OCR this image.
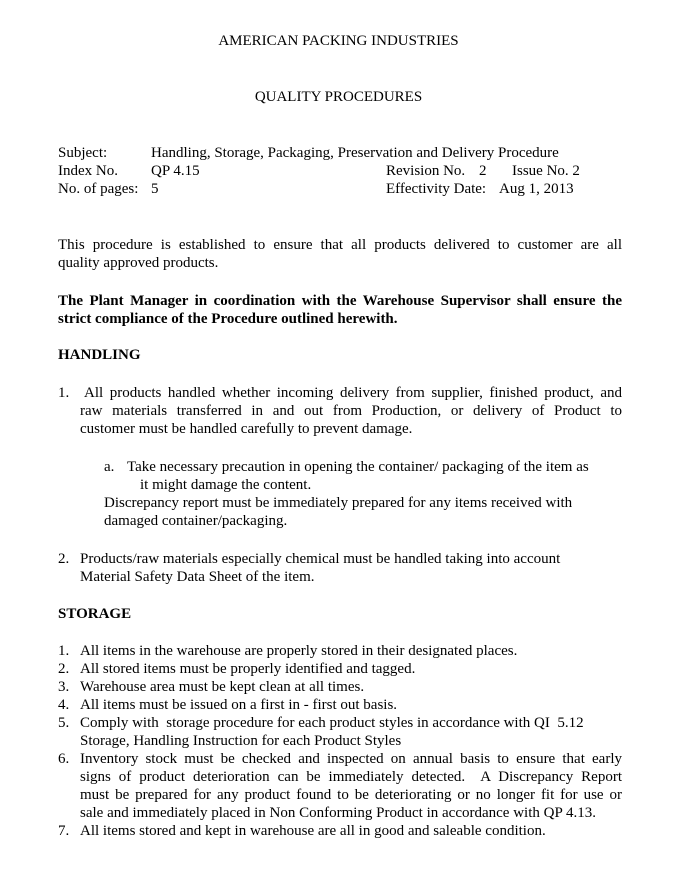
AMERICAN PACKING INDUSTRIES
QUALITY PROCEDURES
Subject:	Handling, Storage, Packaging, Preservation and Delivery Procedure
Index No. QP 4.15	Revision No. 2 Issue No. 2
No. of pages: 5	Effectivity Date: Aug 1, 2013
This procedure is established to ensure that all products delivered to customer are all
quality approved products.
The Plant Manager in coordination with the Warehouse Supervisor shall ensure the
strict compliance of the Procedure outlined herewith.
HANDLING
1. All products handled whether incoming delivery from supplier, finished product, and
raw materials transferred in and out from Production, or delivery of Product to
customer must be handled carefully to prevent damage.
a. Take necessary precaution in opening the container/ packaging of the item as
it might damage the content.
Discrepancy report must be immediately prepared for any items received with
damaged container/packaging.
2. Products/raw materials especially chemical must be handled taking into account
Material Safety Data Sheet of the item.
STORAGE
1. All items in the warehouse are properly stored in their designated places.
2. All stored items must be properly identified and tagged.
3. Warehouse area must be kept clean at all times.
4. All items must be issued on a first in - first out basis.
5. Comply with  storage procedure for each product styles in accordance with QI  5.12
Storage, Handling Instruction for each Product Styles
6. Inventory stock must be checked and inspected on annual basis to ensure that early
signs of product deterioration can be immediately detected.  A Discrepancy Report
must be prepared for any product found to be deteriorating or no longer fit for use or
sale and immediately placed in Non Conforming Product in accordance with QP 4.13.
7. All items stored and kept in warehouse are all in good and saleable condition.
